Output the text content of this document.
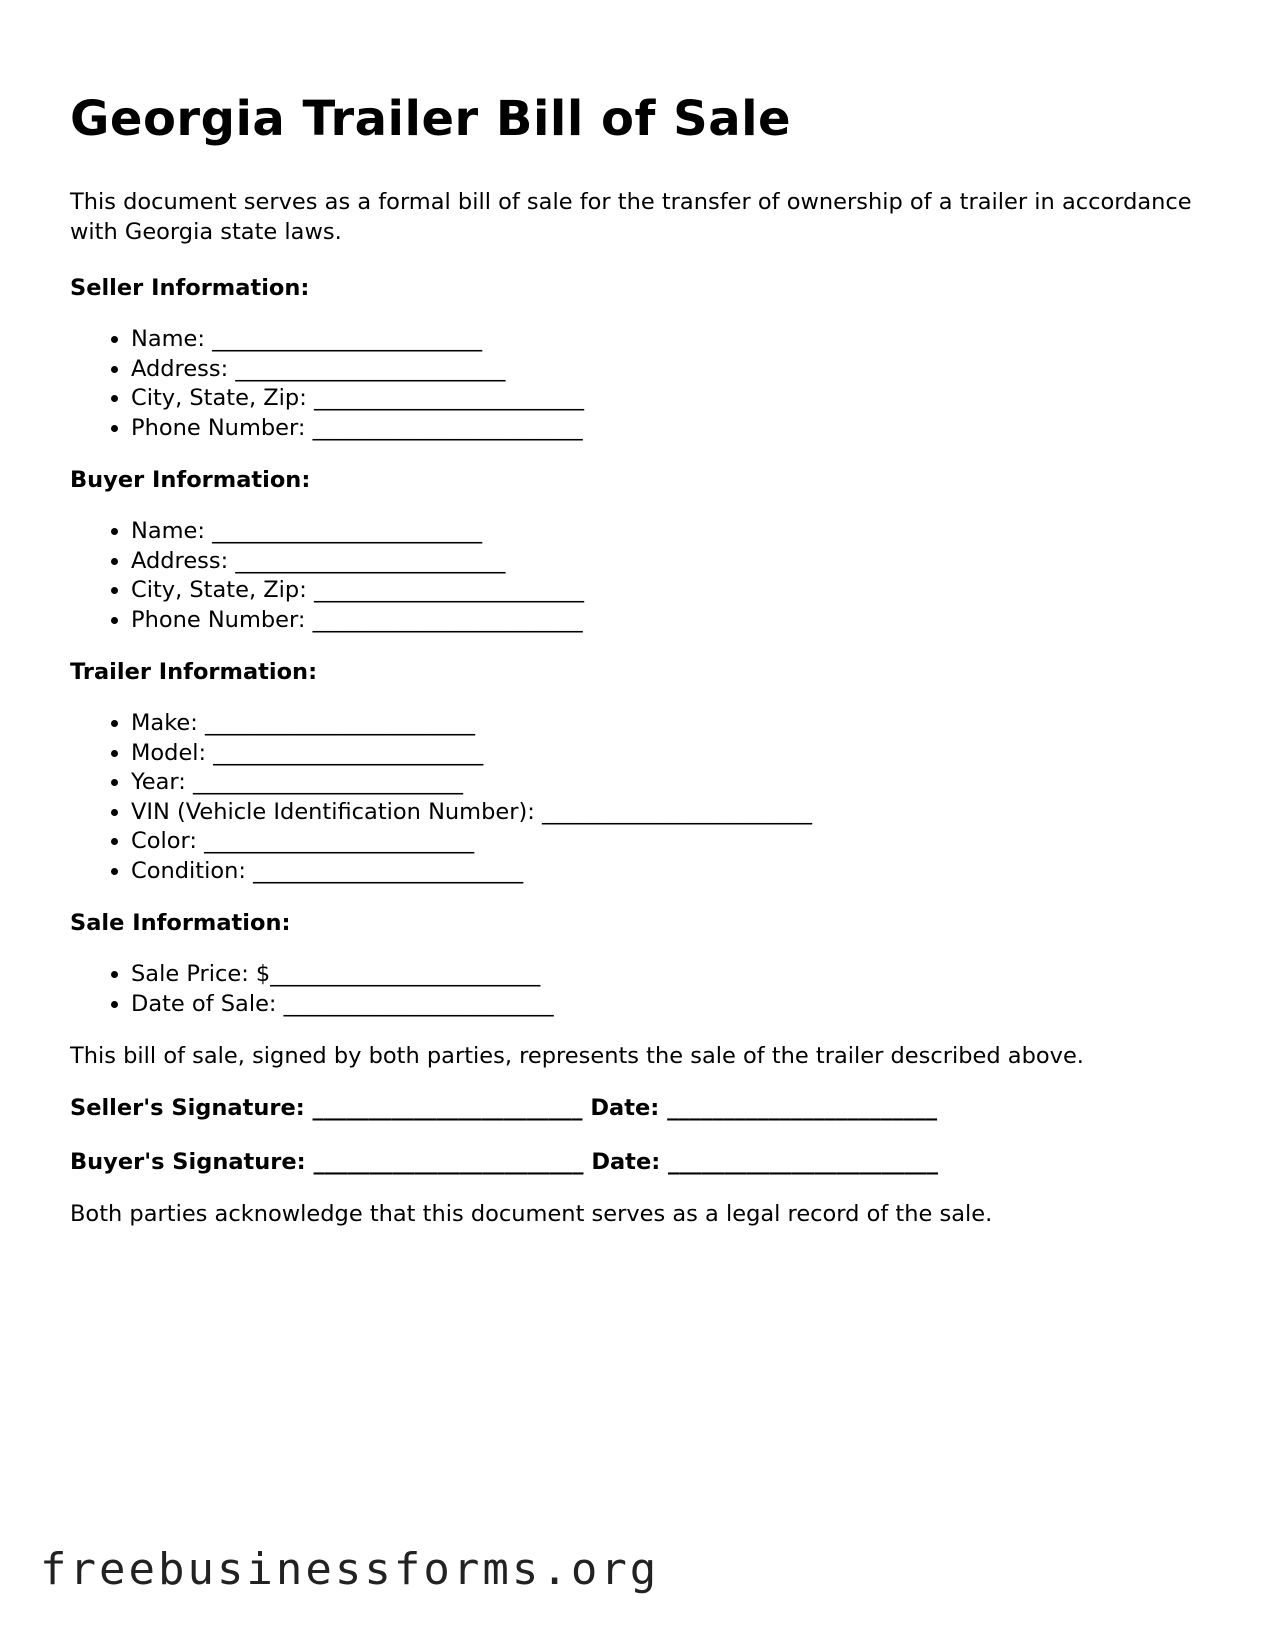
Georgia Trailer Bill of Sale

This document serves as a formal bill of sale for the transfer of ownership of a trailer in accordance with Georgia state laws.

Seller Information:
• Name: ________________________
• Address: ________________________
• City, State, Zip: ________________________
• Phone Number: ________________________
Buyer Information:
• Name: ________________________
• Address: ________________________
• City, State, Zip: ________________________
• Phone Number: ________________________
Trailer Information:
• Make: ________________________
• Model: ________________________
• Year: ________________________
• VIN (Vehicle Identification Number): ________________________
• Color: ________________________
• Condition: ________________________
Sale Information:
• Sale Price: $________________________
• Date of Sale: ________________________

This bill of sale, signed by both parties, represents the sale of the trailer described above.

Seller's Signature: ________________________ Date: ________________________
Buyer's Signature: ________________________ Date: ________________________

Both parties acknowledge that this document serves as a legal record of the sale.

freebusinessforms.org
